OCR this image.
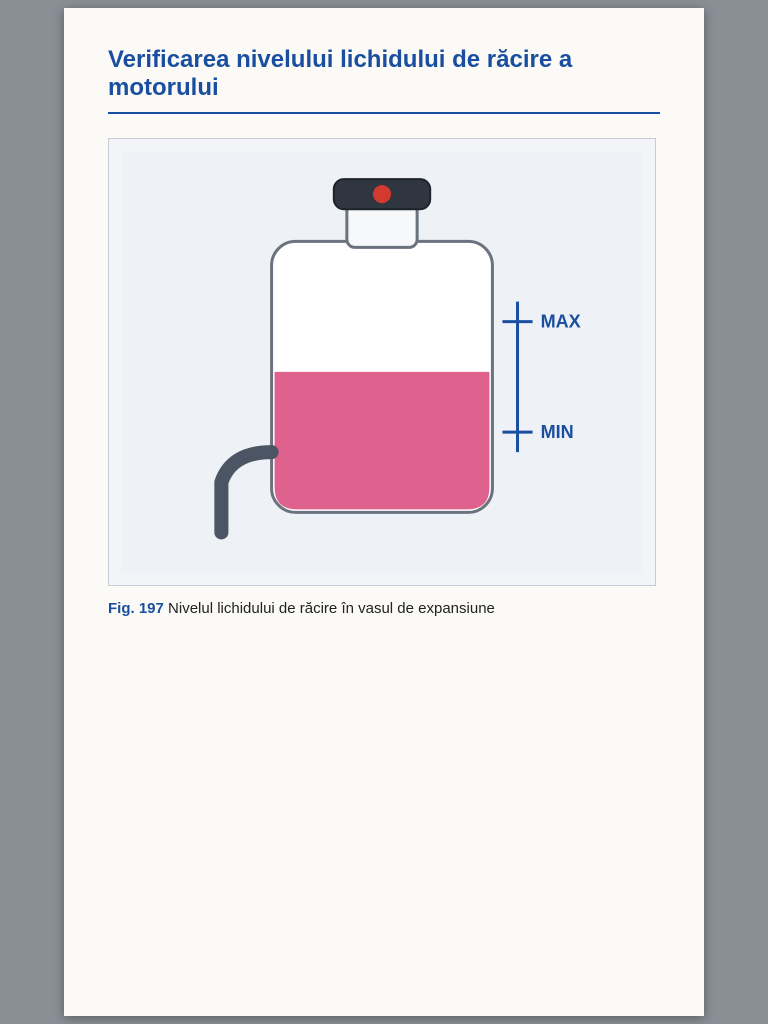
Verificarea nivelului lichidului de răcire a motorului
MAX
MIN

Fig. 197 Nivelul lichidului de răcire în vasul de expansiune
